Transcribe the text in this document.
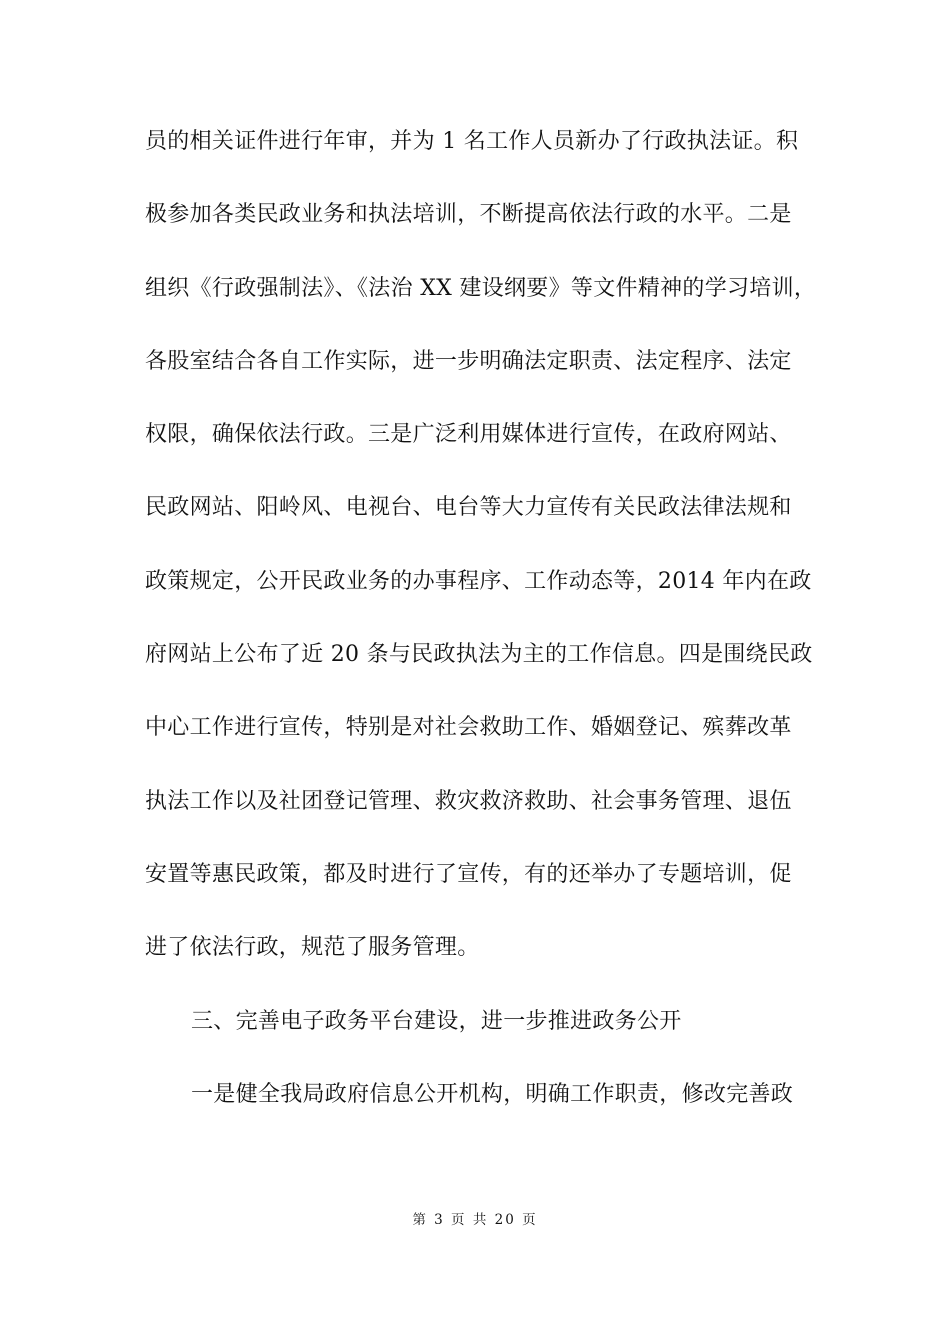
员的相关证件进行年审，并为 1 名工作人员新办了行政执法证。积
极参加各类民政业务和执法培训，不断提高依法行政的水平。二是
组织《行政强制法》、《法治 XX 建设纲要》等文件精神的学习培训，
各股室结合各自工作实际，进一步明确法定职责、法定程序、法定
权限，确保依法行政。三是广泛利用媒体进行宣传，在政府网站、
民政网站、阳岭风、电视台、电台等大力宣传有关民政法律法规和
政策规定，公开民政业务的办事程序、工作动态等，2014 年内在政
府网站上公布了近 20 条与民政执法为主的工作信息。四是围绕民政
中心工作进行宣传，特别是对社会救助工作、婚姻登记、殡葬改革
执法工作以及社团登记管理、救灾救济救助、社会事务管理、退伍
安置等惠民政策，都及时进行了宣传，有的还举办了专题培训，促
进了依法行政，规范了服务管理。
三、完善电子政务平台建设，进一步推进政务公开
一是健全我局政府信息公开机构，明确工作职责，修改完善政
第 3 页 共 20 页
